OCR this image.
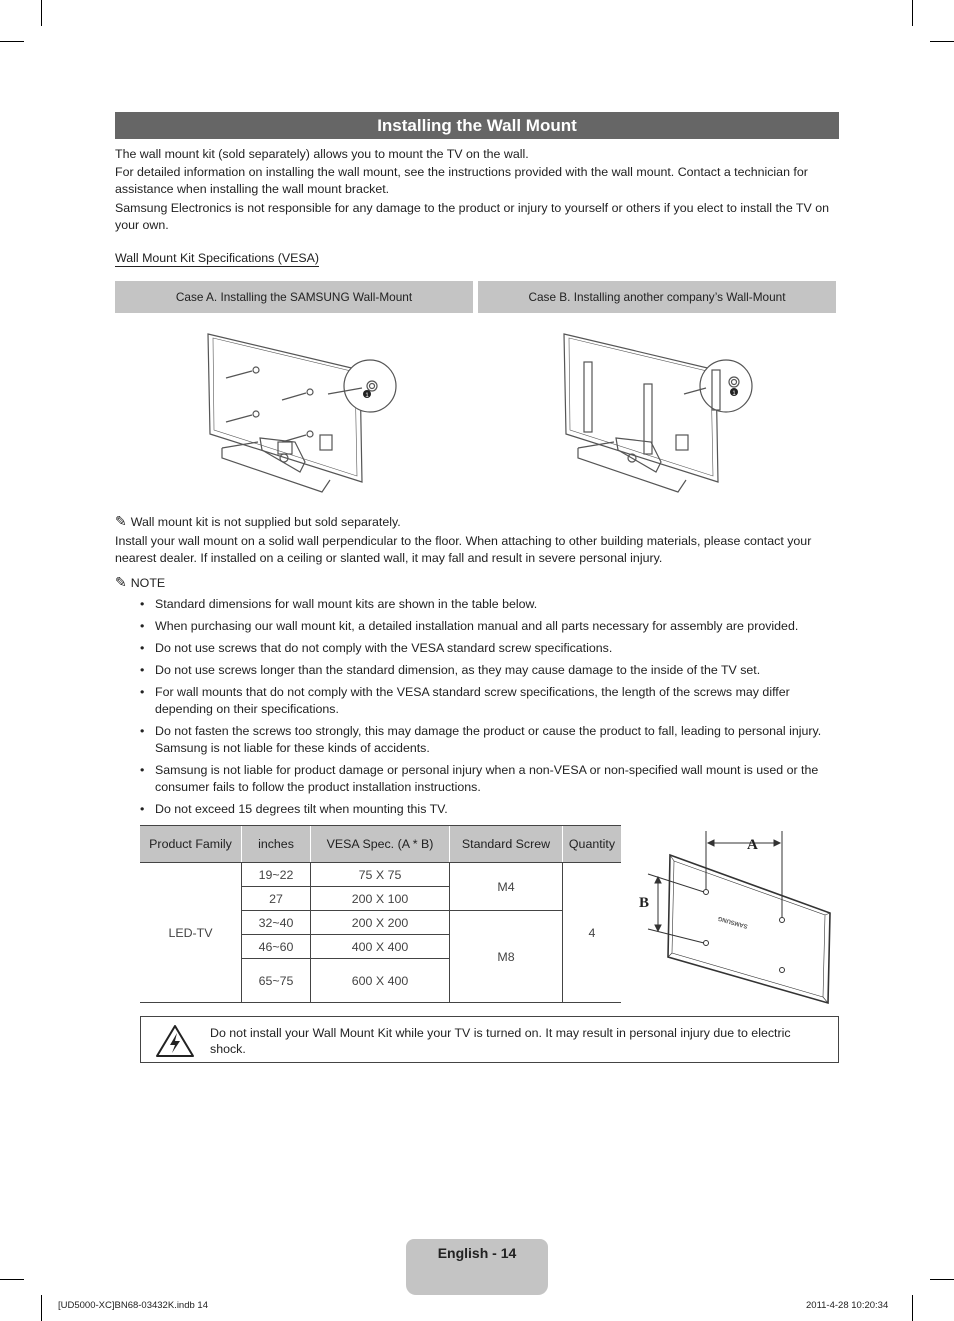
Installing the Wall Mount
The wall mount kit (sold separately) allows you to mount the TV on the wall.
For detailed information on installing the wall mount, see the instructions provided with the wall mount. Contact a technician for assistance when installing the wall mount bracket.
Samsung Electronics is not responsible for any damage to the product or injury to yourself or others if you elect to install the TV on your own.
Wall Mount Kit Specifications (VESA)
Case A. Installing the SAMSUNG Wall-Mount	Case B. Installing another company’s Wall-Mount
1	1
✎ Wall mount kit is not supplied but sold separately.
Install your wall mount on a solid wall perpendicular to the floor. When attaching to other building materials, please contact your nearest dealer. If installed on a ceiling or slanted wall, it may fall and result in severe personal injury.
✎ NOTE
• Standard dimensions for wall mount kits are shown in the table below.
• When purchasing our wall mount kit, a detailed installation manual and all parts necessary for assembly are provided.
• Do not use screws that do not comply with the VESA standard screw specifications.
• Do not use screws longer than the standard dimension, as they may cause damage to the inside of the TV set.
• For wall mounts that do not comply with the VESA standard screw specifications, the length of the screws may differ depending on their specifications.
• Do not fasten the screws too strongly, this may damage the product or cause the product to fall, leading to personal injury. Samsung is not liable for these kinds of accidents.
• Samsung is not liable for product damage or personal injury when a non-VESA or non-specified wall mount is used or the consumer fails to follow the product installation instructions.
• Do not exceed 15 degrees tilt when mounting this TV.
Product Family	inches	VESA Spec. (A * B)	Standard Screw	Quantity
LED-TV	19~22	75 X 75	M4	4
	27	200 X 100		
	32~40	200 X 200	M8	
	46~60	400 X 400		
	65~75	600 X 400		
A
B
SAMSUNG
Do not install your Wall Mount Kit while your TV is turned on. It may result in personal injury due to electric shock.
English - 14
[UD5000-XC]BN68-03432K.indb 14	2011-4-28 10:20:34
